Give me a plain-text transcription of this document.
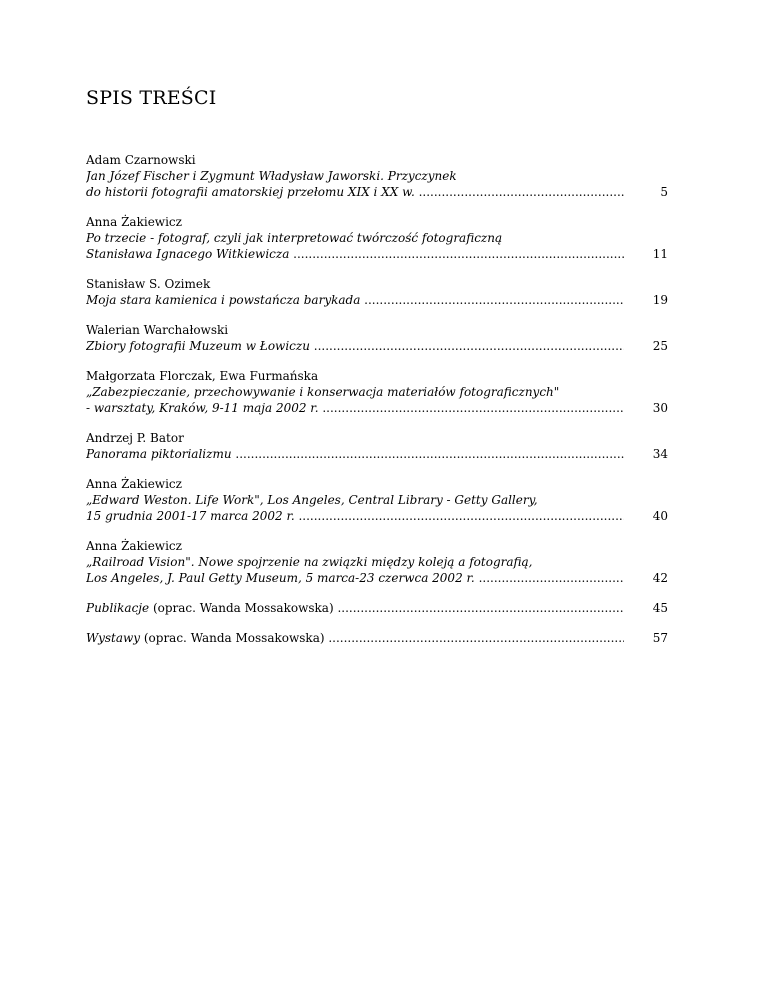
SPIS TREŚCI
Adam Czarnowski
Jan Józef Fischer i Zygmunt Władysław Jaworski. Przyczynek
do historii fotografii amatorskiej przełomu XIX i XX w. .....	5
Anna Żakiewicz
Po trzecie - fotograf, czyli jak interpretować twórczość fotograficzną
Stanisława Ignacego Witkiewicza .....	11
Stanisław S. Ozimek
Moja stara kamienica i powstańcza barykada .....	19
Walerian Warchałowski
Zbiory fotografii Muzeum w Łowiczu .....	25
Małgorzata Florczak, Ewa Furmańska
„Zabezpieczanie, przechowywanie i konserwacja materiałów fotograficznych"
- warsztaty, Kraków, 9-11 maja 2002 r. .....	30
Andrzej P. Bator
Panorama piktorializmu .....	34
Anna Żakiewicz
„Edward Weston. Life Work", Los Angeles, Central Library - Getty Gallery,
15 grudnia 2001-17 marca 2002 r. .....	40
Anna Żakiewicz
„Railroad Vision". Nowe spojrzenie na związki między koleją a fotografią,
Los Angeles, J. Paul Getty Museum, 5 marca-23 czerwca 2002 r. .....	42
Publikacje (oprac. Wanda Mossakowska) .....	45
Wystawy (oprac. Wanda Mossakowska) .....	57
